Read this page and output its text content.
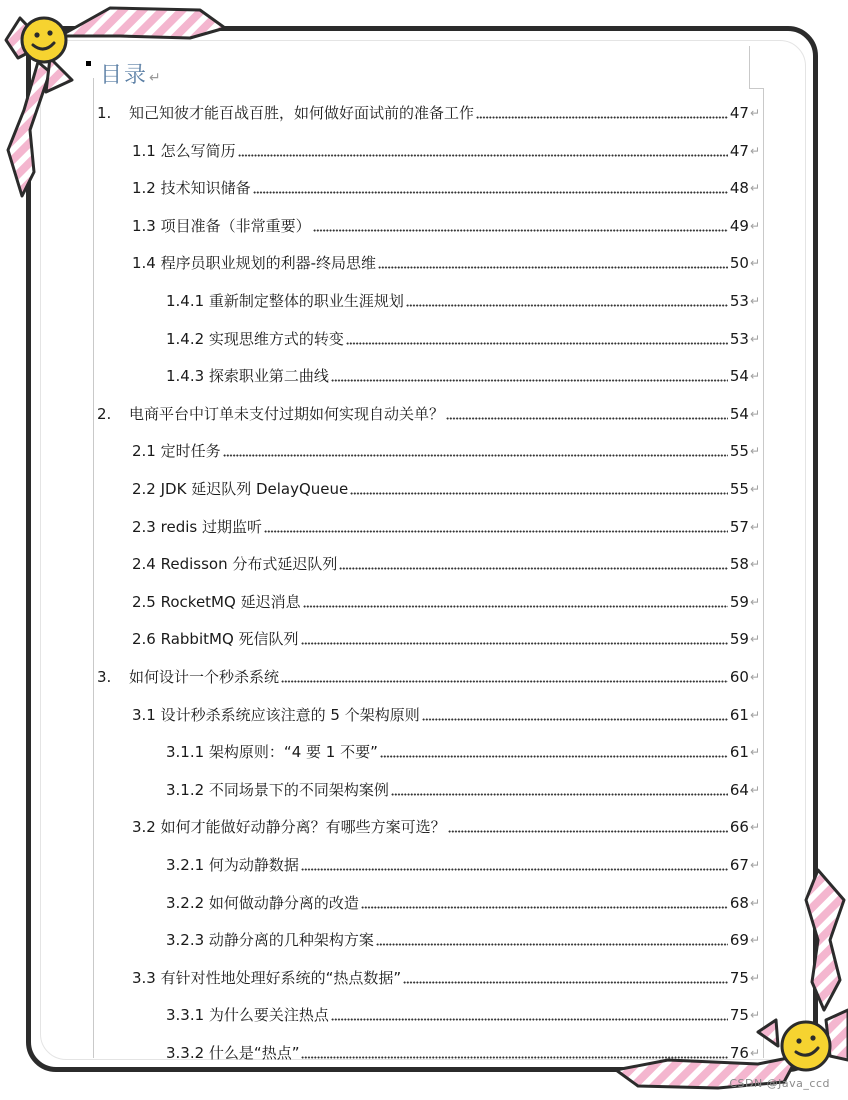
目录↵
1.	知己知彼才能百战百胜，如何做好面试前的准备工作	47 ↵
1.1 怎么写简历	47 ↵
1.2 技术知识储备	48 ↵
1.3 项目准备（非常重要）	49 ↵
1.4 程序员职业规划的利器-终局思维	50 ↵
1.4.1 重新制定整体的职业生涯规划	53 ↵
1.4.2 实现思维方式的转变	53 ↵
1.4.3 探索职业第二曲线	54 ↵
2.	电商平台中订单未支付过期如何实现自动关单？	54 ↵
2.1 定时任务	55 ↵
2.2 JDK 延迟队列 DelayQueue	55 ↵
2.3 redis 过期监听	57 ↵
2.4 Redisson 分布式延迟队列	58 ↵
2.5 RocketMQ 延迟消息	59 ↵
2.6 RabbitMQ 死信队列	59 ↵
3.	如何设计一个秒杀系统	60 ↵
3.1 设计秒杀系统应该注意的 5 个架构原则	61 ↵
3.1.1 架构原则：“4 要 1 不要”	61 ↵
3.1.2 不同场景下的不同架构案例	64 ↵
3.2 如何才能做好动静分离？有哪些方案可选？	66 ↵
3.2.1 何为动静数据	67 ↵
3.2.2 如何做动静分离的改造	68 ↵
3.2.3 动静分离的几种架构方案	69 ↵
3.3 有针对性地处理好系统的“热点数据”	75 ↵
3.3.1 为什么要关注热点	75 ↵
3.3.2 什么是“热点”	76 ↵
CSDN @Java_ccd
